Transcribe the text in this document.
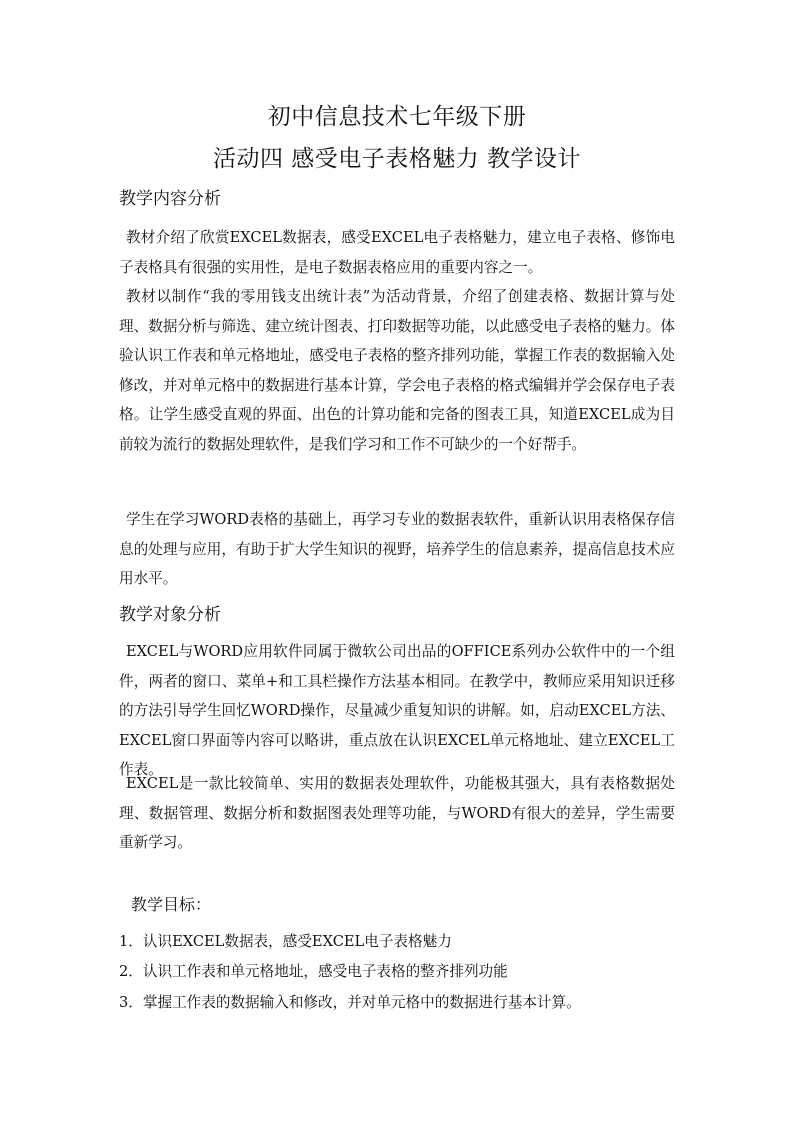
初中信息技术七年级下册
活动四 感受电子表格魅力 教学设计
教学内容分析

教材介绍了欣赏EXCEL数据表，感受EXCEL电子表格魅力，建立电子表格、修饰电子表格具有很强的实用性，是电子数据表格应用的重要内容之一。

教材以制作“我的零用钱支出统计表”为活动背景，介绍了创建表格、数据计算与处理、数据分析与筛选、建立统计图表、打印数据等功能，以此感受电子表格的魅力。体验认识工作表和单元格地址，感受电子表格的整齐排列功能，掌握工作表的数据输入处修改，并对单元格中的数据进行基本计算，学会电子表格的格式编辑并学会保存电子表格。让学生感受直观的界面、出色的计算功能和完备的图表工具，知道EXCEL成为目前较为流行的数据处理软件，是我们学习和工作不可缺少的一个好帮手。

学生在学习WORD表格的基础上，再学习专业的数据表软件，重新认识用表格保存信息的处理与应用，有助于扩大学生知识的视野，培养学生的信息素养，提高信息技术应用水平。

教学对象分析

EXCEL与WORD应用软件同属于微软公司出品的OFFICE系列办公软件中的一个组件，两者的窗口、菜单+和工具栏操作方法基本相同。在教学中，教师应采用知识迁移的方法引导学生回忆WORD操作，尽量减少重复知识的讲解。如，启动EXCEL方法、EXCEL窗口界面等内容可以略讲，重点放在认识EXCEL单元格地址、建立EXCEL工作表。

EXCEL是一款比较简单、实用的数据表处理软件，功能极其强大，具有表格数据处理、数据管理、数据分析和数据图表处理等功能，与WORD有很大的差异，学生需要重新学习。

教学目标：
1．认识EXCEL数据表，感受EXCEL电子表格魅力
2．认识工作表和单元格地址，感受电子表格的整齐排列功能
3．掌握工作表的数据输入和修改，并对单元格中的数据进行基本计算。
